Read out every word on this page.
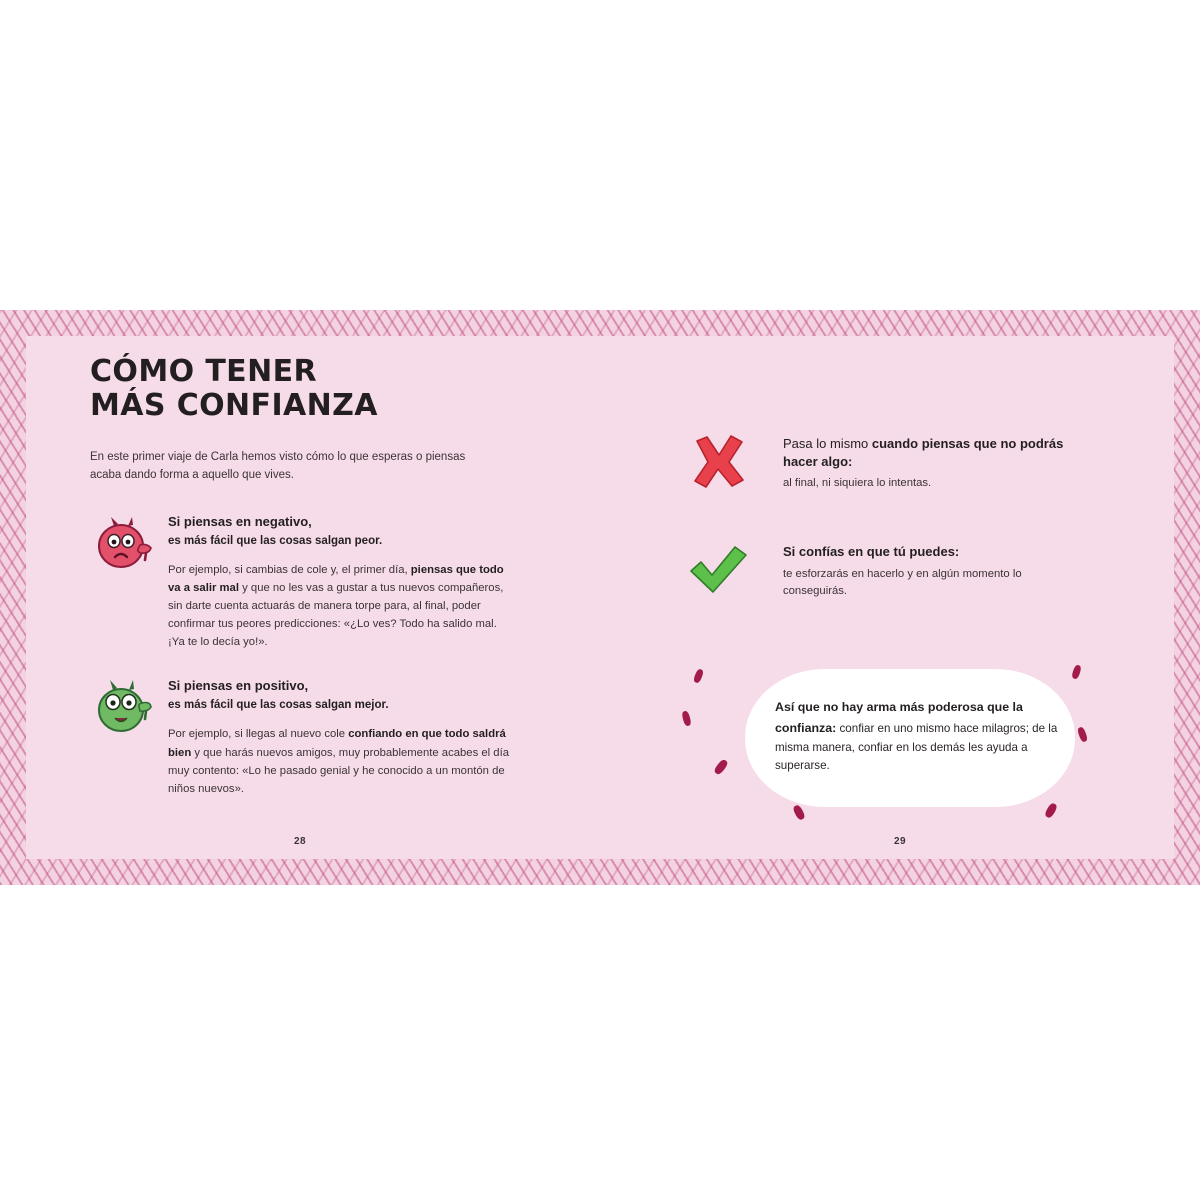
CÓMO TENER
MÁS CONFIANZA

En este primer viaje de Carla hemos visto cómo lo que esperas o piensas acaba dando forma a aquello que vives.

Si piensas en negativo,
es más fácil que las cosas salgan peor.

Por ejemplo, si cambias de cole y, el primer día, piensas que todo va a salir mal y que no les vas a gustar a tus nuevos compañeros, sin darte cuenta actuarás de manera torpe para, al final, poder confirmar tus peores predicciones: «¿Lo ves? Todo ha salido mal. ¡Ya te lo decía yo!».

Si piensas en positivo,
es más fácil que las cosas salgan mejor.

Por ejemplo, si llegas al nuevo cole confiando en que todo saldrá bien y que harás nuevos amigos, muy probablemente acabes el día muy contento: «Lo he pasado genial y he conocido a un montón de niños nuevos».

Pasa lo mismo cuando piensas que no podrás hacer algo:

al final, ni siquiera lo intentas.

Si confías en que tú puedes:

te esforzarás en hacerlo y en algún momento lo conseguirás.

Así que no hay arma más poderosa que la confianza: confiar en uno mismo hace milagros; de la misma manera, confiar en los demás les ayuda a superarse.
28	29
